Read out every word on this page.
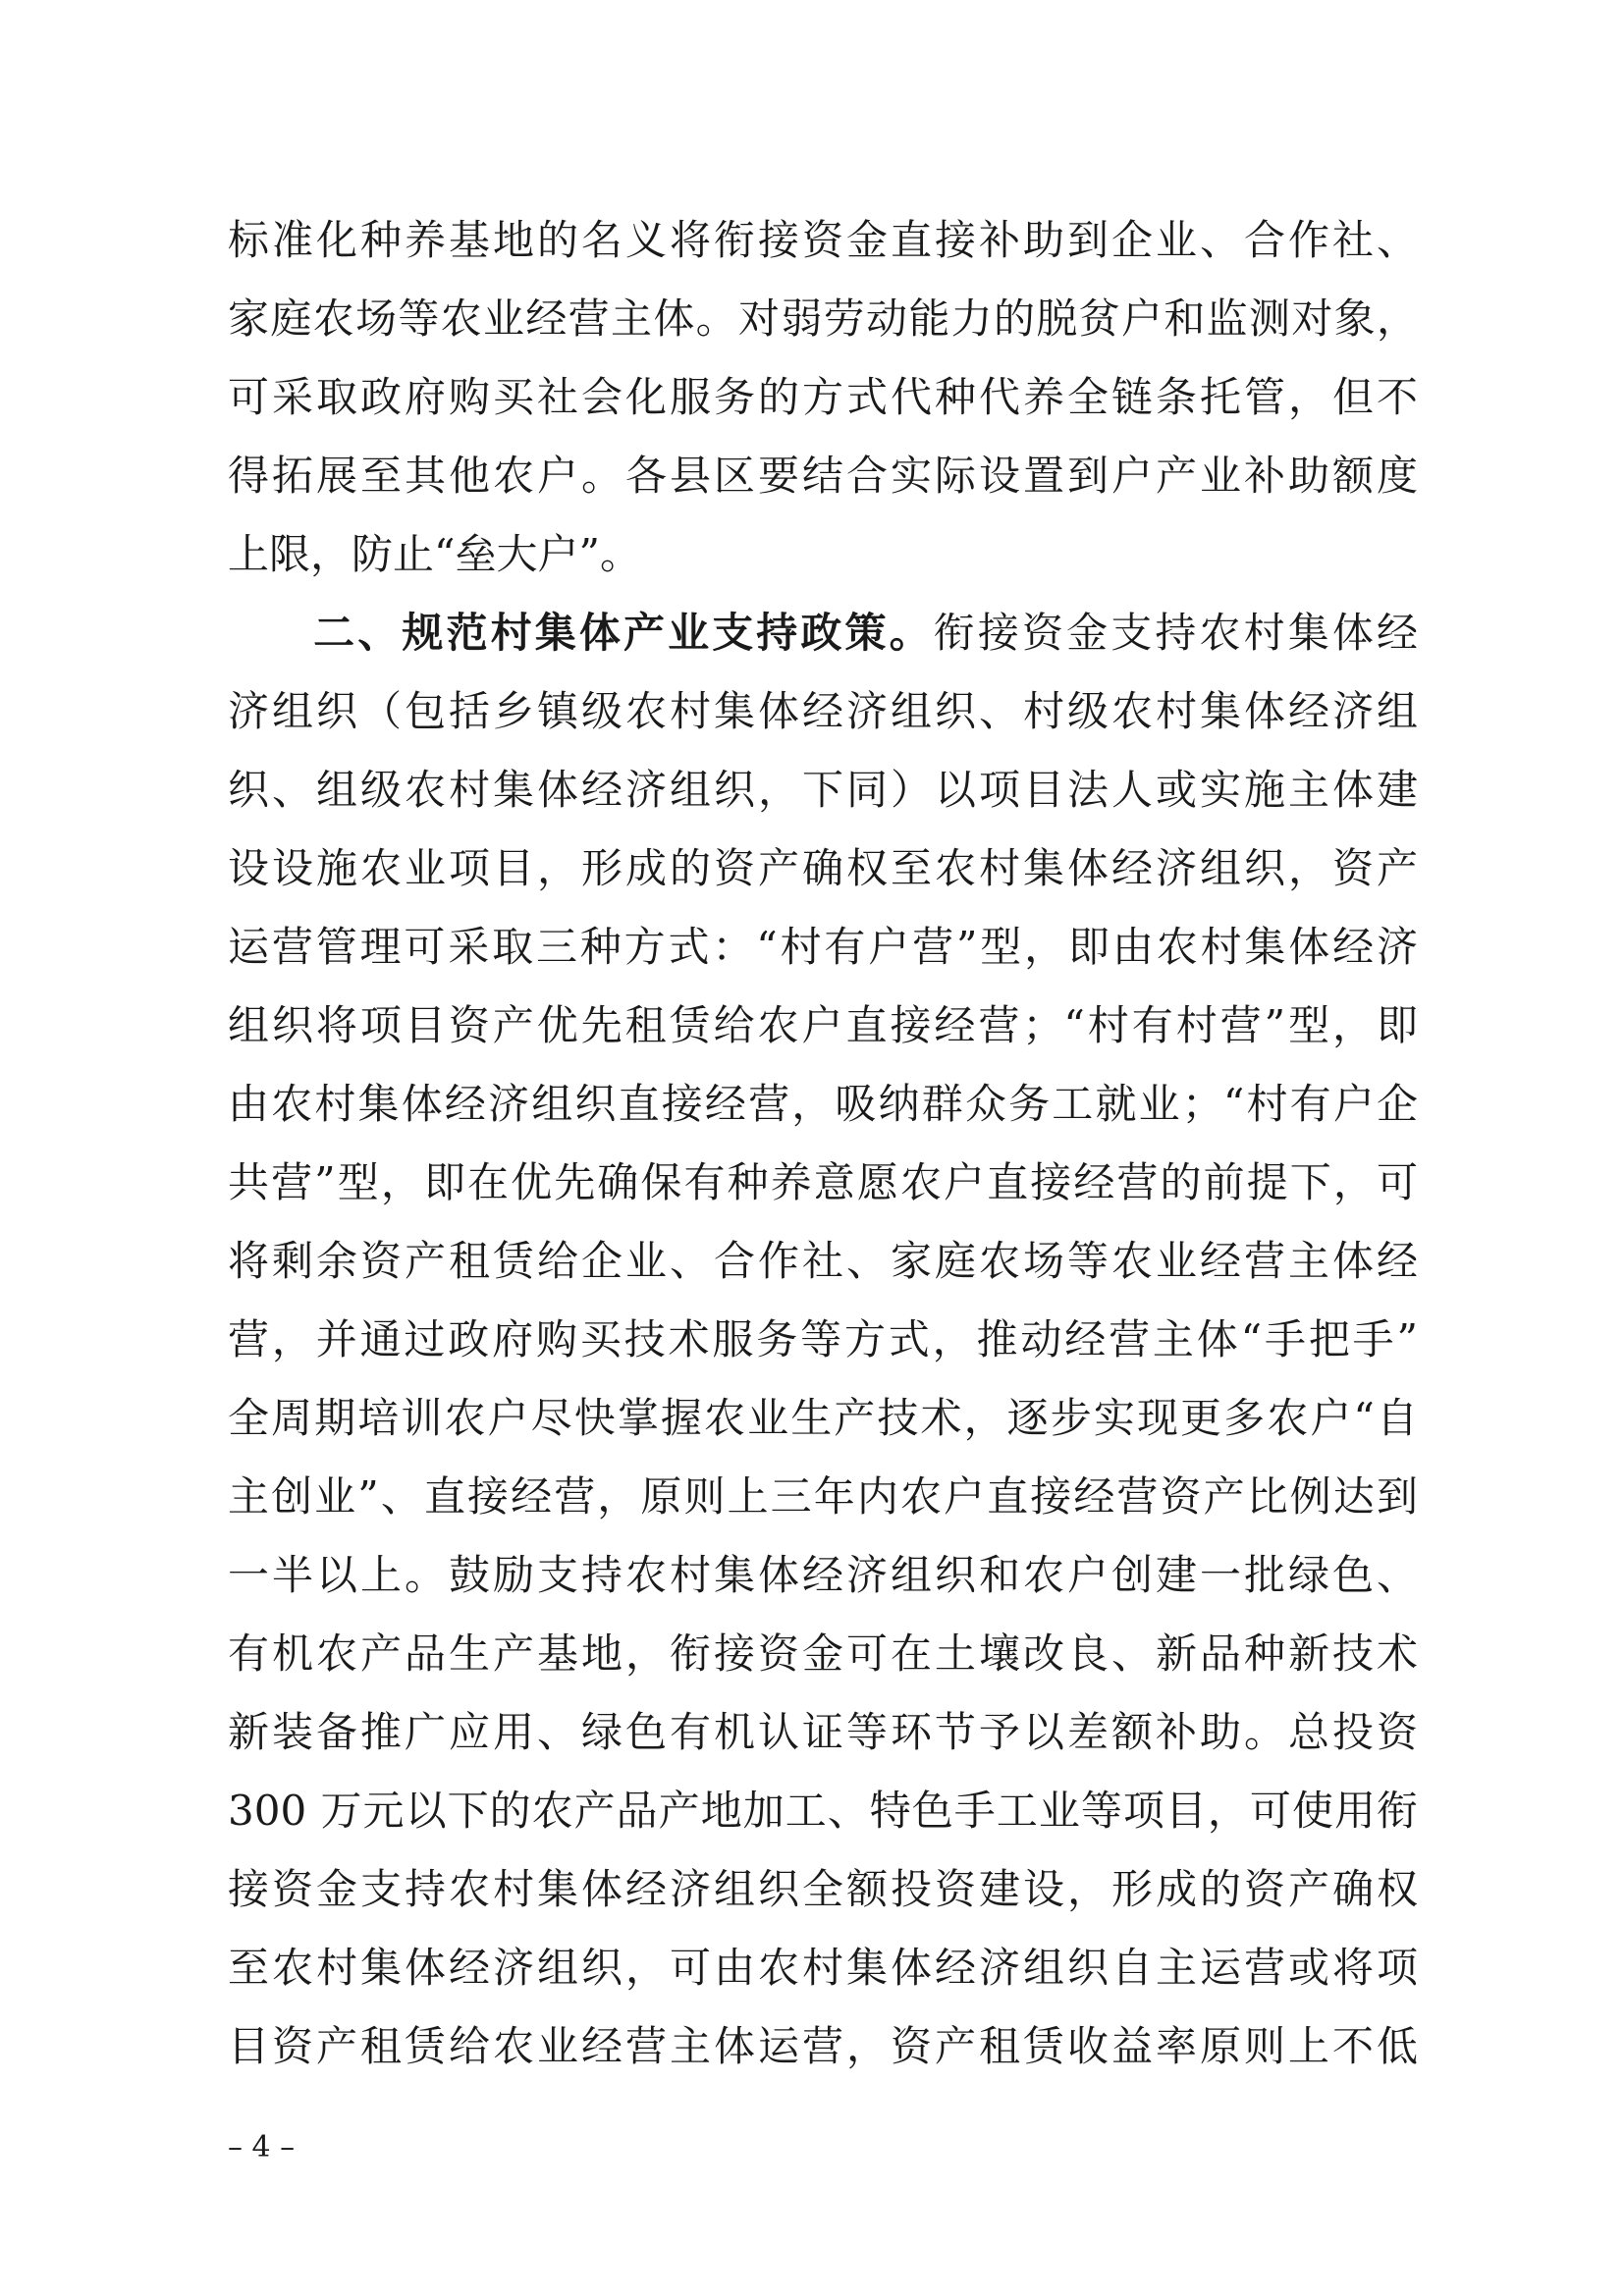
标准化种养基地的名义将衔接资金直接补助到企业、合作社、
家庭农场等农业经营主体。对弱劳动能力的脱贫户和监测对象，
可采取政府购买社会化服务的方式代种代养全链条托管，但不
得拓展至其他农户。各县区要结合实际设置到户产业补助额度
上限，防止“垒大户”。
二、规范村集体产业支持政策。衔接资金支持农村集体经
济组织（包括乡镇级农村集体经济组织、村级农村集体经济组
织、组级农村集体经济组织，下同）以项目法人或实施主体建
设设施农业项目，形成的资产确权至农村集体经济组织，资产
运营管理可采取三种方式：“村有户营”型，即由农村集体经济
组织将项目资产优先租赁给农户直接经营；“村有村营”型，即
由农村集体经济组织直接经营，吸纳群众务工就业；“村有户企
共营”型，即在优先确保有种养意愿农户直接经营的前提下，可
将剩余资产租赁给企业、合作社、家庭农场等农业经营主体经
营，并通过政府购买技术服务等方式，推动经营主体“手把手”
全周期培训农户尽快掌握农业生产技术，逐步实现更多农户“自
主创业”、直接经营，原则上三年内农户直接经营资产比例达到
一半以上。鼓励支持农村集体经济组织和农户创建一批绿色、
有机农产品生产基地，衔接资金可在土壤改良、新品种新技术
新装备推广应用、绿色有机认证等环节予以差额补助。总投资
300 万元以下的农产品产地加工、特色手工业等项目，可使用衔
接资金支持农村集体经济组织全额投资建设，形成的资产确权
至农村集体经济组织，可由农村集体经济组织自主运营或将项
目资产租赁给农业经营主体运营，资产租赁收益率原则上不低
– 4 –
